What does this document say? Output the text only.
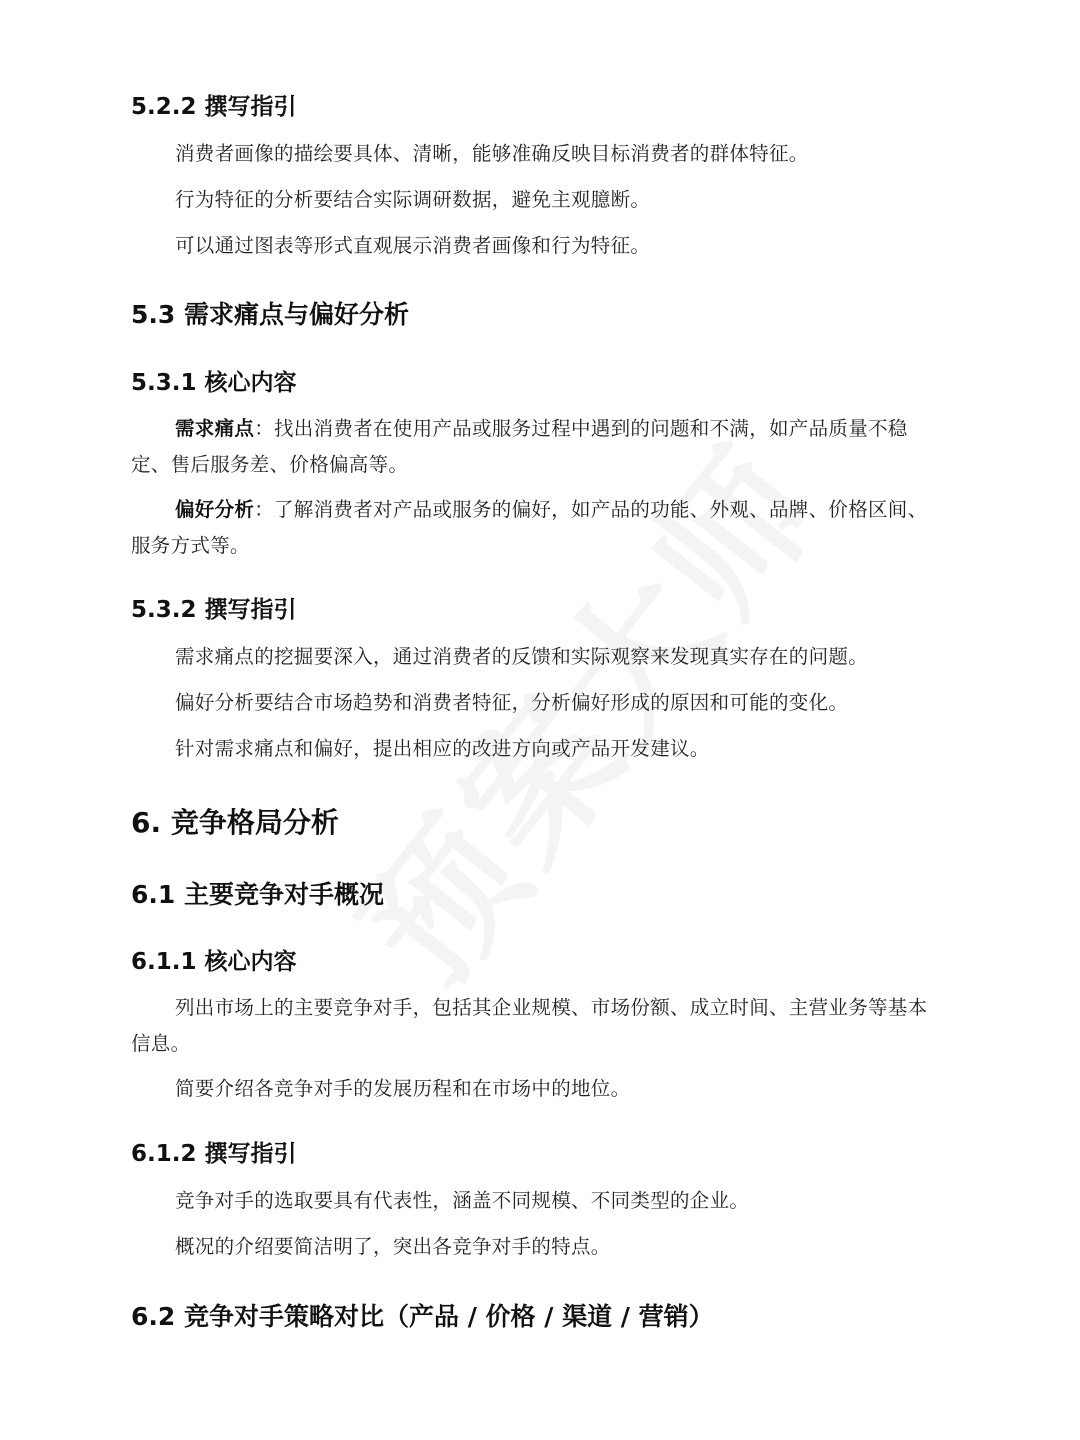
5.2.2 撰写指引

消费者画像的描绘要具体、清晰，能够准确反映目标消费者的群体特征。

行为特征的分析要结合实际调研数据，避免主观臆断。

可以通过图表等形式直观展示消费者画像和行为特征。

5.3 需求痛点与偏好分析
5.3.1 核心内容

需求痛点：找出消费者在使用产品或服务过程中遇到的问题和不满，如产品质量不稳定、售后服务差、价格偏高等。

偏好分析：了解消费者对产品或服务的偏好，如产品的功能、外观、品牌、价格区间、服务方式等。

5.3.2 撰写指引

需求痛点的挖掘要深入，通过消费者的反馈和实际观察来发现真实存在的问题。

偏好分析要结合市场趋势和消费者特征，分析偏好形成的原因和可能的变化。

针对需求痛点和偏好，提出相应的改进方向或产品开发建议。

6. 竞争格局分析
6.1 主要竞争对手概况
6.1.1 核心内容

列出市场上的主要竞争对手，包括其企业规模、市场份额、成立时间、主营业务等基本信息。

简要介绍各竞争对手的发展历程和在市场中的地位。

6.1.2 撰写指引

竞争对手的选取要具有代表性，涵盖不同规模、不同类型的企业。

概况的介绍要简洁明了，突出各竞争对手的特点。

6.2 竞争对手策略对比（产品 / 价格 / 渠道 / 营销）
